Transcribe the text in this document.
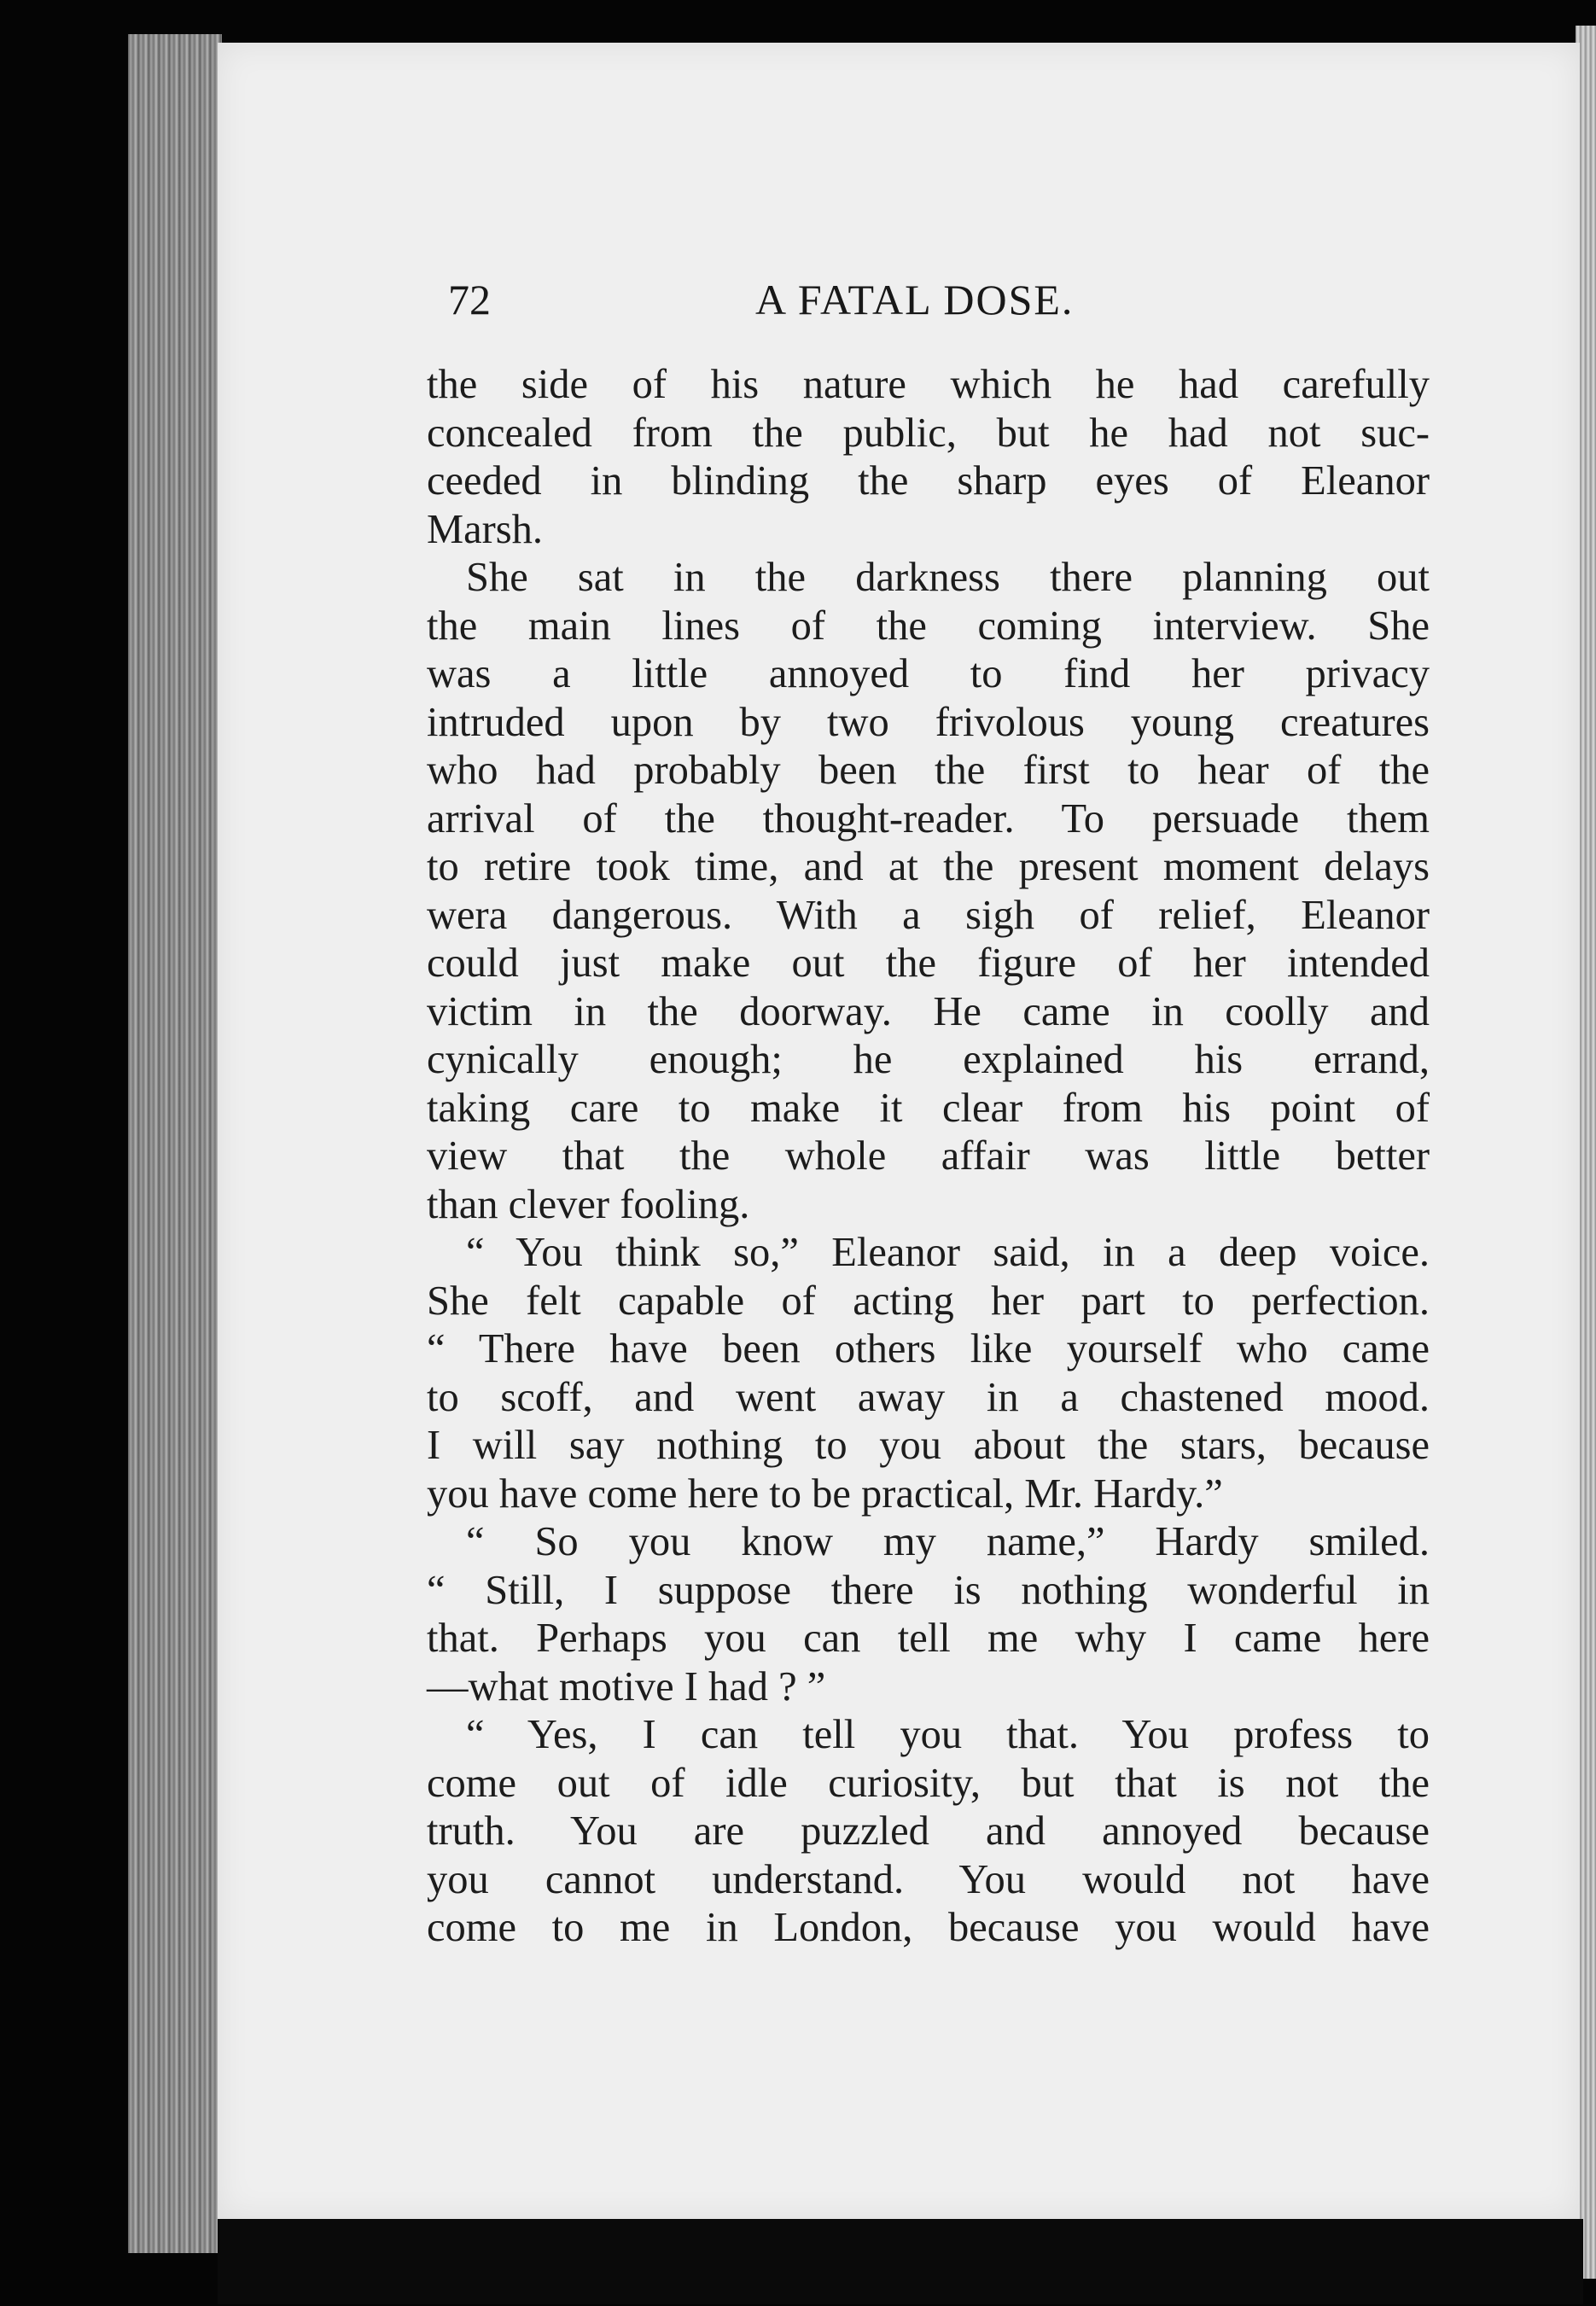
72	A FATAL DOSE.
the side of his nature which he had carefully
concealed from the public, but he had not suc-
ceeded in blinding the sharp eyes of Eleanor
Marsh.
She sat in the darkness there planning out
the main lines of the coming interview. She
was a little annoyed to find her privacy
intruded upon by two frivolous young creatures
who had probably been the first to hear of the
arrival of the thought-reader. To persuade them
to retire took time, and at the present moment delays
wera dangerous. With a sigh of relief, Eleanor
could just make out the figure of her intended
victim in the doorway. He came in coolly and
cynically enough; he explained his errand,
taking care to make it clear from his point of
view that the whole affair was little better
than clever fooling.
“ You think so,” Eleanor said, in a deep voice.
She felt capable of acting her part to perfection.
“ There have been others like yourself who came
to scoff, and went away in a chastened mood.
I will say nothing to you about the stars, because
you have come here to be practical, Mr. Hardy.”
“ So you know my name,” Hardy smiled.
“ Still, I suppose there is nothing wonderful in
that. Perhaps you can tell me why I came here
—what motive I had ? ”
“ Yes, I can tell you that. You profess to
come out of idle curiosity, but that is not the
truth. You are puzzled and annoyed because
you cannot understand. You would not have
come to me in London, because you would have
